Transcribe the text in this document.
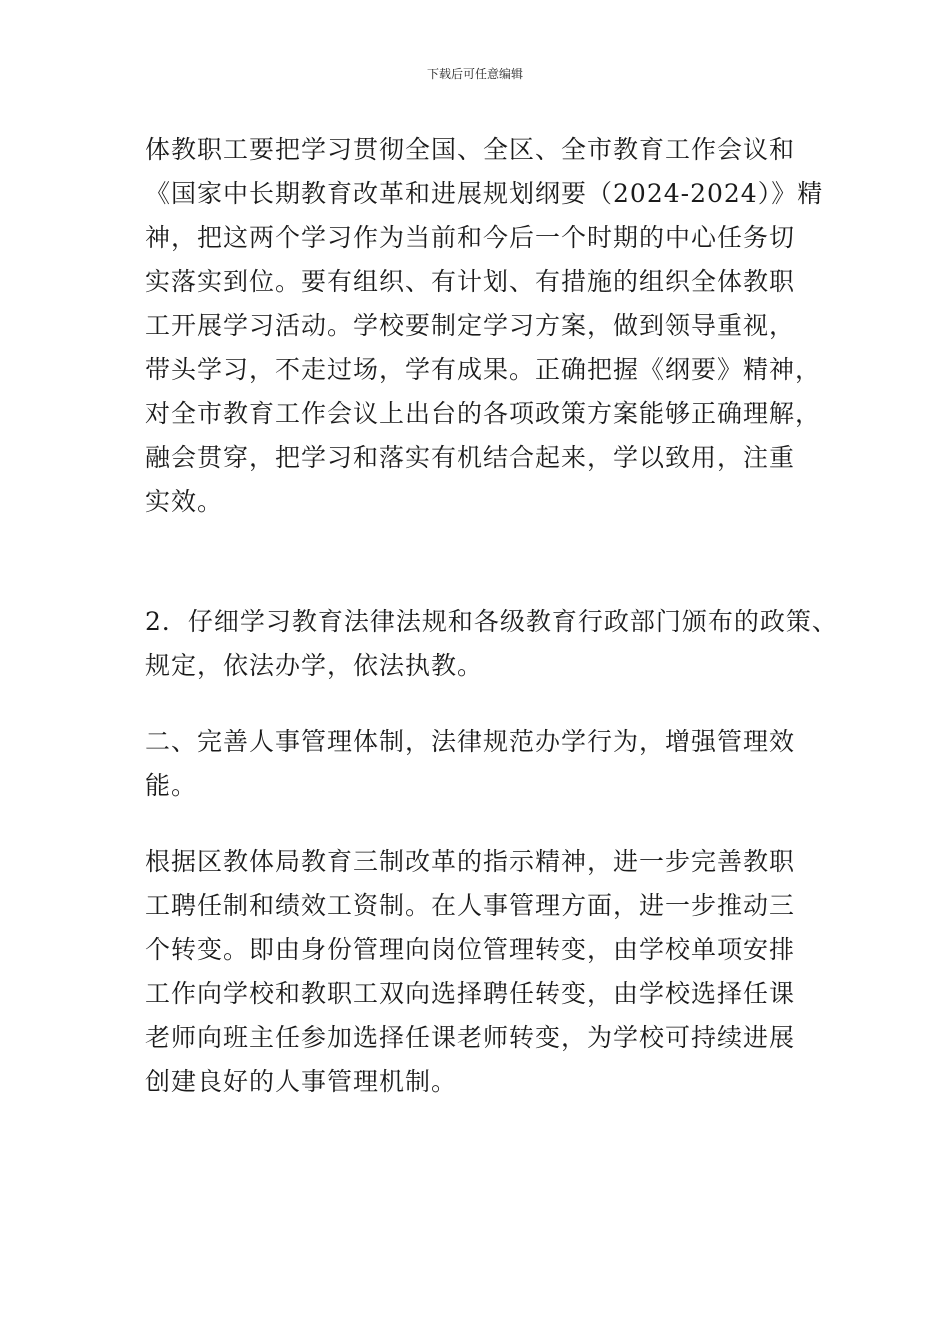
下载后可任意编辑
体教职工要把学习贯彻全国、全区、全市教育工作会议和
《国家中长期教育改革和进展规划纲要（2024-2024）》精
神，把这两个学习作为当前和今后一个时期的中心任务切
实落实到位。要有组织、有计划、有措施的组织全体教职
工开展学习活动。学校要制定学习方案，做到领导重视，
带头学习，不走过场，学有成果。正确把握《纲要》精神，
对全市教育工作会议上出台的各项政策方案能够正确理解，
融会贯穿，把学习和落实有机结合起来，学以致用，注重
实效。
2．仔细学习教育法律法规和各级教育行政部门颁布的政策、
规定，依法办学，依法执教。
二、完善人事管理体制，法律规范办学行为，增强管理效
能。
根据区教体局教育三制改革的指示精神，进一步完善教职
工聘任制和绩效工资制。在人事管理方面，进一步推动三
个转变。即由身份管理向岗位管理转变，由学校单项安排
工作向学校和教职工双向选择聘任转变，由学校选择任课
老师向班主任参加选择任课老师转变，为学校可持续进展
创建良好的人事管理机制。
